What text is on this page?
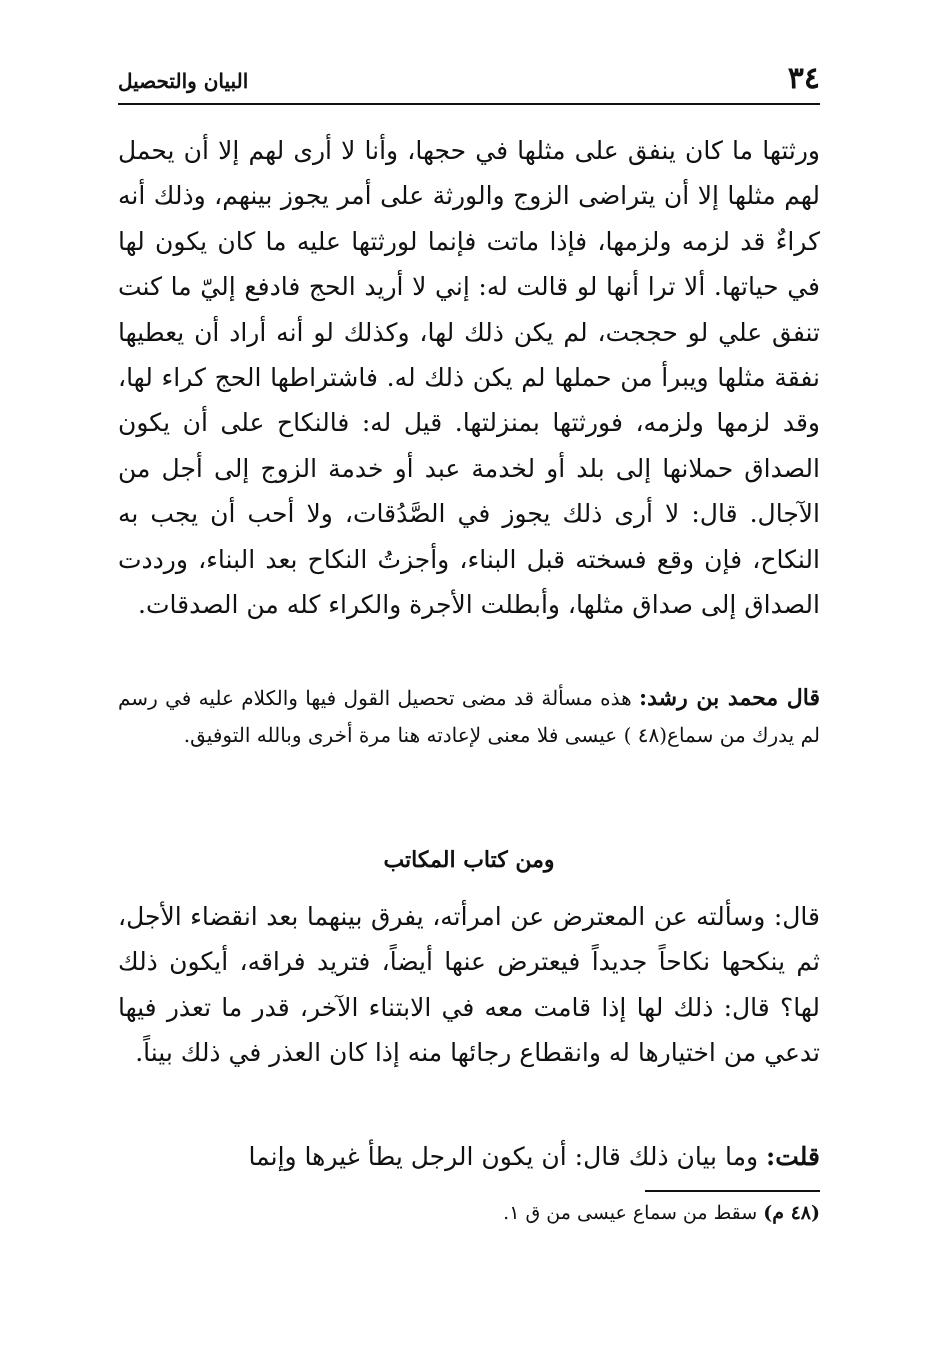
٣٤
البيان والتحصيل

ورثتها ما كان ينفق على مثلها في حجها، وأنا لا أرى لهم إلا أن يحمل لهم مثلها إلا أن يتراضى الزوج والورثة على أمر يجوز بينهم، وذلك أنه كراءٌ قد لزمه ولزمها، فإذا ماتت فإنما لورثتها عليه ما كان يكون لها في حياتها. ألا ترا أنها لو قالت له: إني لا أريد الحج فادفع إليّ ما كنت تنفق علي لو حججت، لم يكن ذلك لها، وكذلك لو أنه أراد أن يعطيها نفقة مثلها ويبرأ من حملها لم يكن ذلك له. فاشتراطها الحج كراء لها، وقد لزمها ولزمه، فورثتها بمنزلتها. قيل له: فالنكاح على أن يكون الصداق حملانها إلى بلد أو لخدمة عبد أو خدمة الزوج إلى أجل من الآجال. قال: لا أرى ذلك يجوز في الصَّدُقات، ولا أحب أن يجب به النكاح، فإن وقع فسخته قبل البناء، وأجزتُ النكاح بعد البناء، ورددت الصداق إلى صداق مثلها، وأبطلت الأجرة والكراء كله من الصدقات.

قال محمد بن رشد: هذه مسألة قد مضى تحصيل القول فيها والكلام عليه في رسم لم يدرك من سماع(٤٨ ) عيسى فلا معنى لإعادته هنا مرة أخرى وبالله التوفيق.

ومن كتاب المكاتب

قال: وسألته عن المعترض عن امرأته، يفرق بينهما بعد انقضاء الأجل، ثم ينكحها نكاحاً جديداً فيعترض عنها أيضاً، فتريد فراقه، أيكون ذلك لها؟ قال: ذلك لها إذا قامت معه في الابتناء الآخر، قدر ما تعذر فيها تدعي من اختيارها له وانقطاع رجائها منه إذا كان العذر في ذلك بيناً.

قلت: وما بيان ذلك قال: أن يكون الرجل يطأ غيرها وإنما

(٤٨ م) سقط من سماع عيسى من ق ١.
